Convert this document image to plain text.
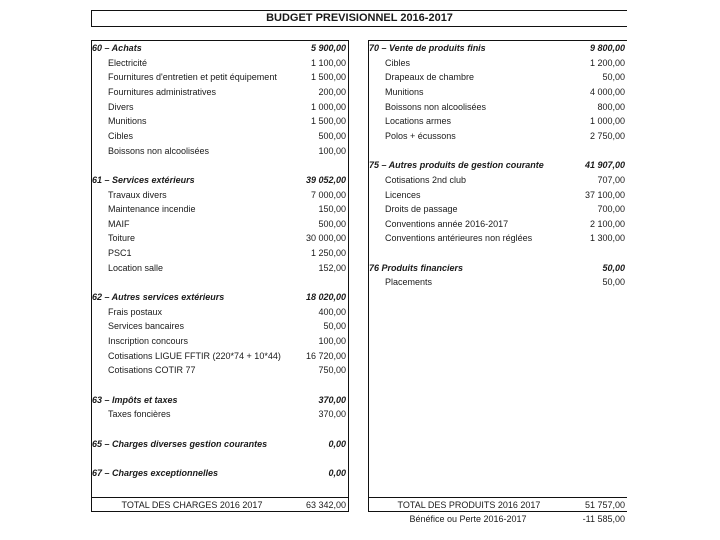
BUDGET PREVISIONNEL 2016-2017
60 – Achats	5 900,00
Electricité	1 100,00
Fournitures d'entretien et petit équipement	1 500,00
Fournitures administratives	200,00
Divers	1 000,00
Munitions	1 500,00
Cibles	500,00
Boissons non alcoolisées	100,00
61 – Services extérieurs	39 052,00
Travaux divers	7 000,00
Maintenance incendie	150,00
MAIF	500,00
Toiture	30 000,00
PSC1	1 250,00
Location salle	152,00
62 – Autres services extérieurs	18 020,00
Frais postaux	400,00
Services bancaires	50,00
Inscription concours	100,00
Cotisations LIGUE FFTIR (220*74 + 10*44)	16 720,00
Cotisations COTIR 77	750,00
63 – Impôts et taxes	370,00
Taxes foncières	370,00
65 – Charges diverses gestion courantes	0,00
67 – Charges exceptionnelles	0,00
TOTAL DES CHARGES 2016 2017	63 342,00
70 – Vente de produits finis	9 800,00
Cibles	1 200,00
Drapeaux de chambre	50,00
Munitions	4 000,00
Boissons non alcoolisées	800,00
Locations armes	1 000,00
Polos + écussons	2 750,00
75 – Autres produits de gestion courante	41 907,00
Cotisations 2nd club	707,00
Licences	37 100,00
Droits de passage	700,00
Conventions année 2016-2017	2 100,00
Conventions antérieures non réglées	1 300,00
76 Produits financiers	50,00
Placements	50,00
TOTAL DES PRODUITS 2016 2017	51 757,00
Bénéfice ou Perte 2016-2017	-11 585,00
